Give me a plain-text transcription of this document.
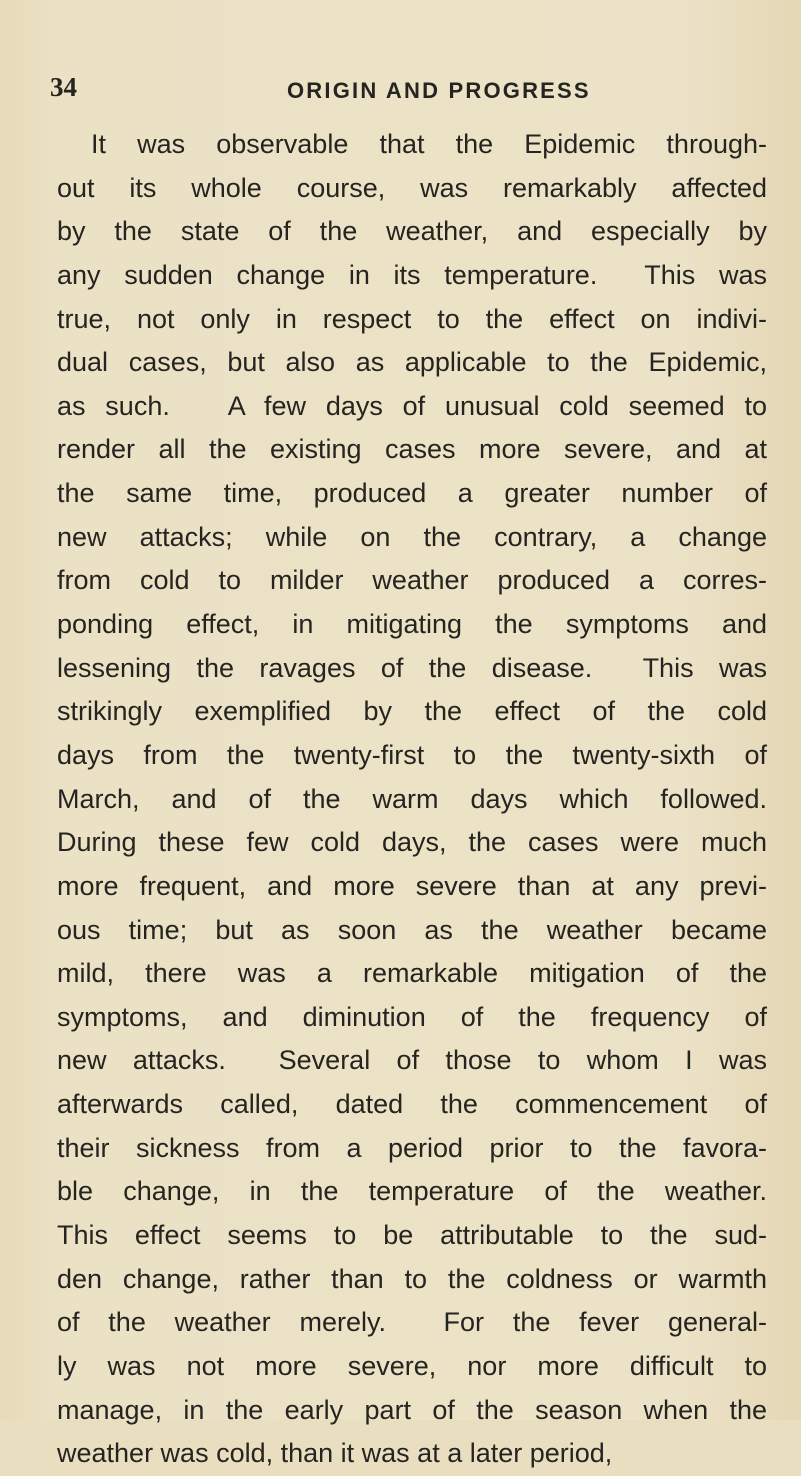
34	ORIGIN AND PROGRESS
It was observable that the Epidemic through-
out its whole course, was remarkably affected
by the state of the weather, and especially by
any sudden change in its temperature.  This was
true, not only in respect to the effect on indivi-
dual cases, but also as applicable to the Epidemic,
as such.   A few days of unusual cold seemed to
render all the existing cases more severe, and at
the same time, produced a greater number of
new attacks; while on the contrary, a change
from cold to milder weather produced a corres-
ponding effect, in mitigating the symptoms and
lessening the ravages of the disease.  This was
strikingly exemplified by the effect of the cold
days from the twenty-first to the twenty-sixth of
March, and of the warm days which followed.
During these few cold days, the cases were much
more frequent, and more severe than at any previ-
ous time; but as soon as the weather became
mild, there was a remarkable mitigation of the
symptoms, and diminution of the frequency of
new attacks.  Several of those to whom I was
afterwards called, dated the commencement of
their sickness from a period prior to the favora-
ble change, in the temperature of the weather.
This effect seems to be attributable to the sud-
den change, rather than to the coldness or warmth
of the weather merely.  For the fever general-
ly was not more severe, nor more difficult to
manage, in the early part of the season when the
weather was cold, than it was at a later period,
